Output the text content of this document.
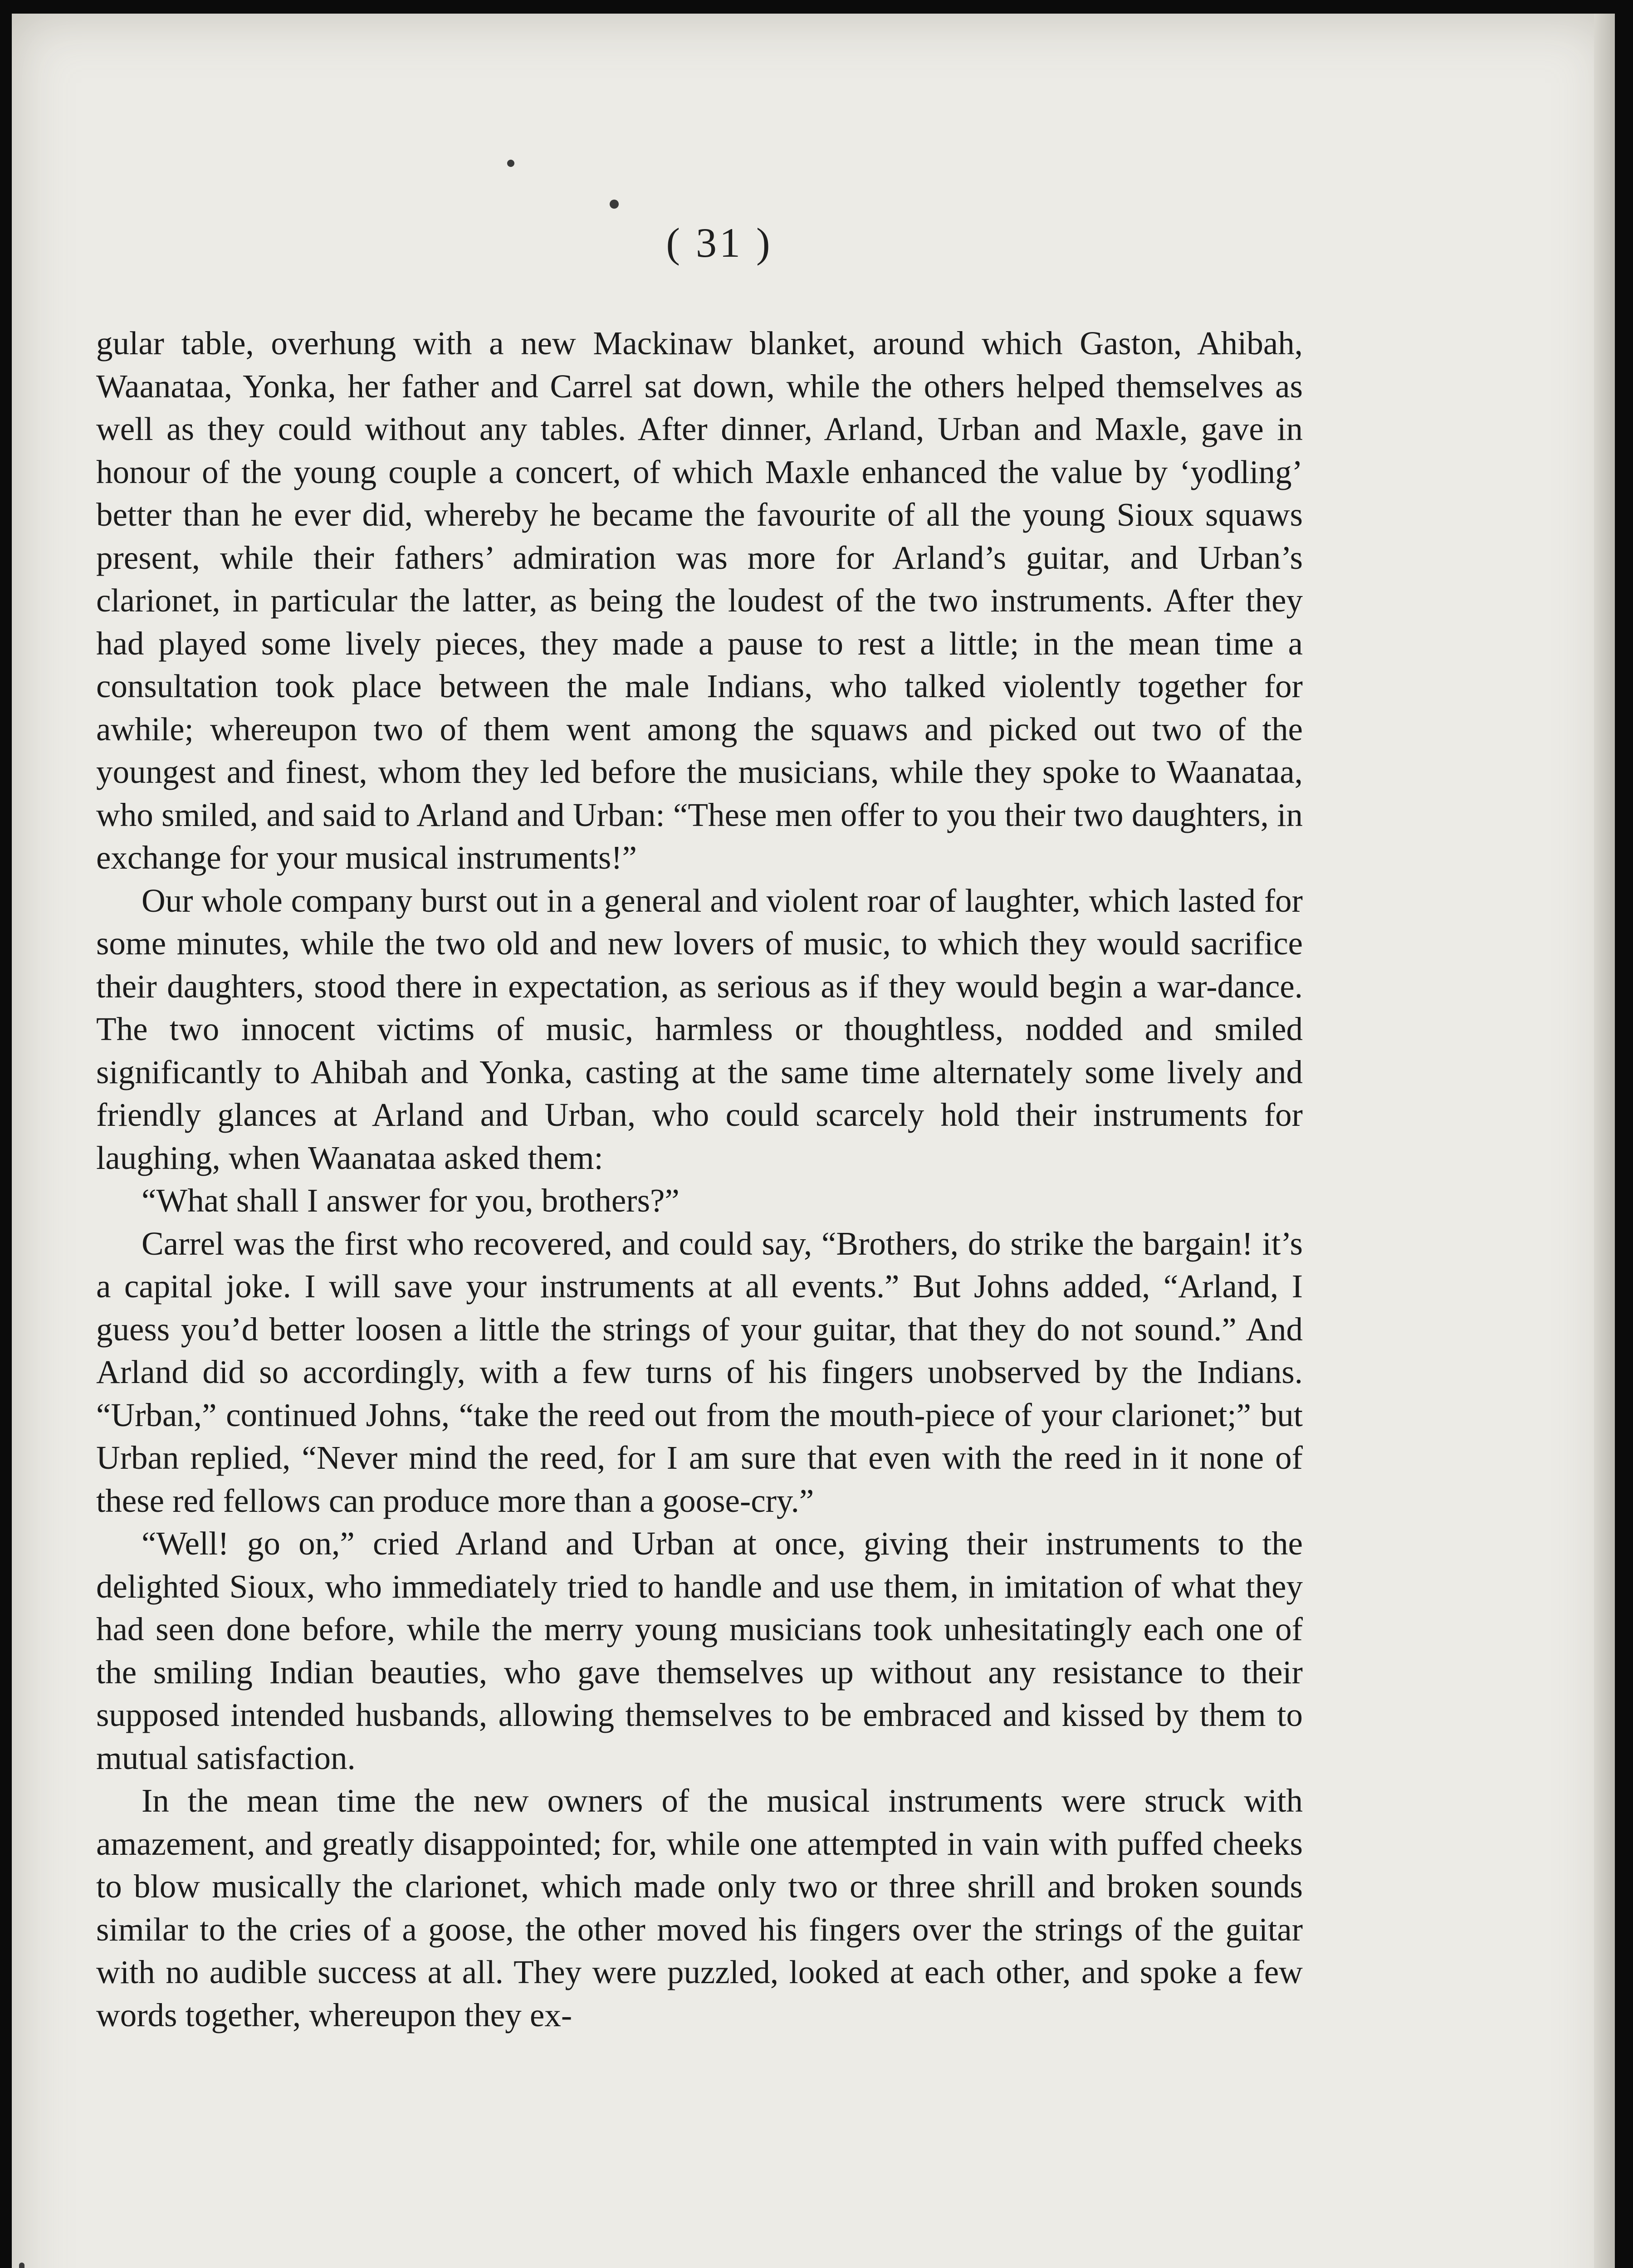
( 31 )

gular table, overhung with a new Mackinaw blanket, around which Gaston, Ahibah, Waanataa, Yonka, her father and Carrel sat down, while the others helped themselves as well as they could without any tables. After dinner, Arland, Urban and Maxle, gave in honour of the young couple a concert, of which Maxle enhanced the value by ‘yodling’ better than he ever did, whereby he became the favourite of all the young Sioux squaws present, while their fathers’ admiration was more for Arland’s guitar, and Urban’s clarionet, in particular the latter, as being the loudest of the two instruments. After they had played some lively pieces, they made a pause to rest a little; in the mean time a consultation took place between the male Indians, who talked violently together for awhile; whereupon two of them went among the squaws and picked out two of the youngest and finest, whom they led before the musicians, while they spoke to Waanataa, who smiled, and said to Arland and Urban: “These men offer to you their two daughters, in exchange for your musical instruments!”

Our whole company burst out in a general and violent roar of laughter, which lasted for some minutes, while the two old and new lovers of music, to which they would sacrifice their daughters, stood there in expectation, as serious as if they would begin a war-dance. The two innocent victims of music, harmless or thoughtless, nodded and smiled significantly to Ahibah and Yonka, casting at the same time alternately some lively and friendly glances at Arland and Urban, who could scarcely hold their instruments for laughing, when Waanataa asked them:

“What shall I answer for you, brothers?”

Carrel was the first who recovered, and could say, “Brothers, do strike the bargain! it’s a capital joke. I will save your instruments at all events.” But Johns added, “Arland, I guess you’d better loosen a little the strings of your guitar, that they do not sound.” And Arland did so accordingly, with a few turns of his fingers unobserved by the Indians. “Urban,” continued Johns, “take the reed out from the mouth-piece of your clarionet;” but Urban replied, “Never mind the reed, for I am sure that even with the reed in it none of these red fellows can produce more than a goose-cry.”

“Well! go on,” cried Arland and Urban at once, giving their instruments to the delighted Sioux, who immediately tried to handle and use them, in imitation of what they had seen done before, while the merry young musicians took unhesitatingly each one of the smiling Indian beauties, who gave themselves up without any resistance to their supposed intended husbands, allowing themselves to be embraced and kissed by them to mutual satisfaction.

In the mean time the new owners of the musical instruments were struck with amazement, and greatly disappointed; for, while one attempted in vain with puffed cheeks to blow musically the clarionet, which made only two or three shrill and broken sounds similar to the cries of a goose, the other moved his fingers over the strings of the guitar with no audible success at all. They were puzzled, looked at each other, and spoke a few words together, whereupon they ex-
